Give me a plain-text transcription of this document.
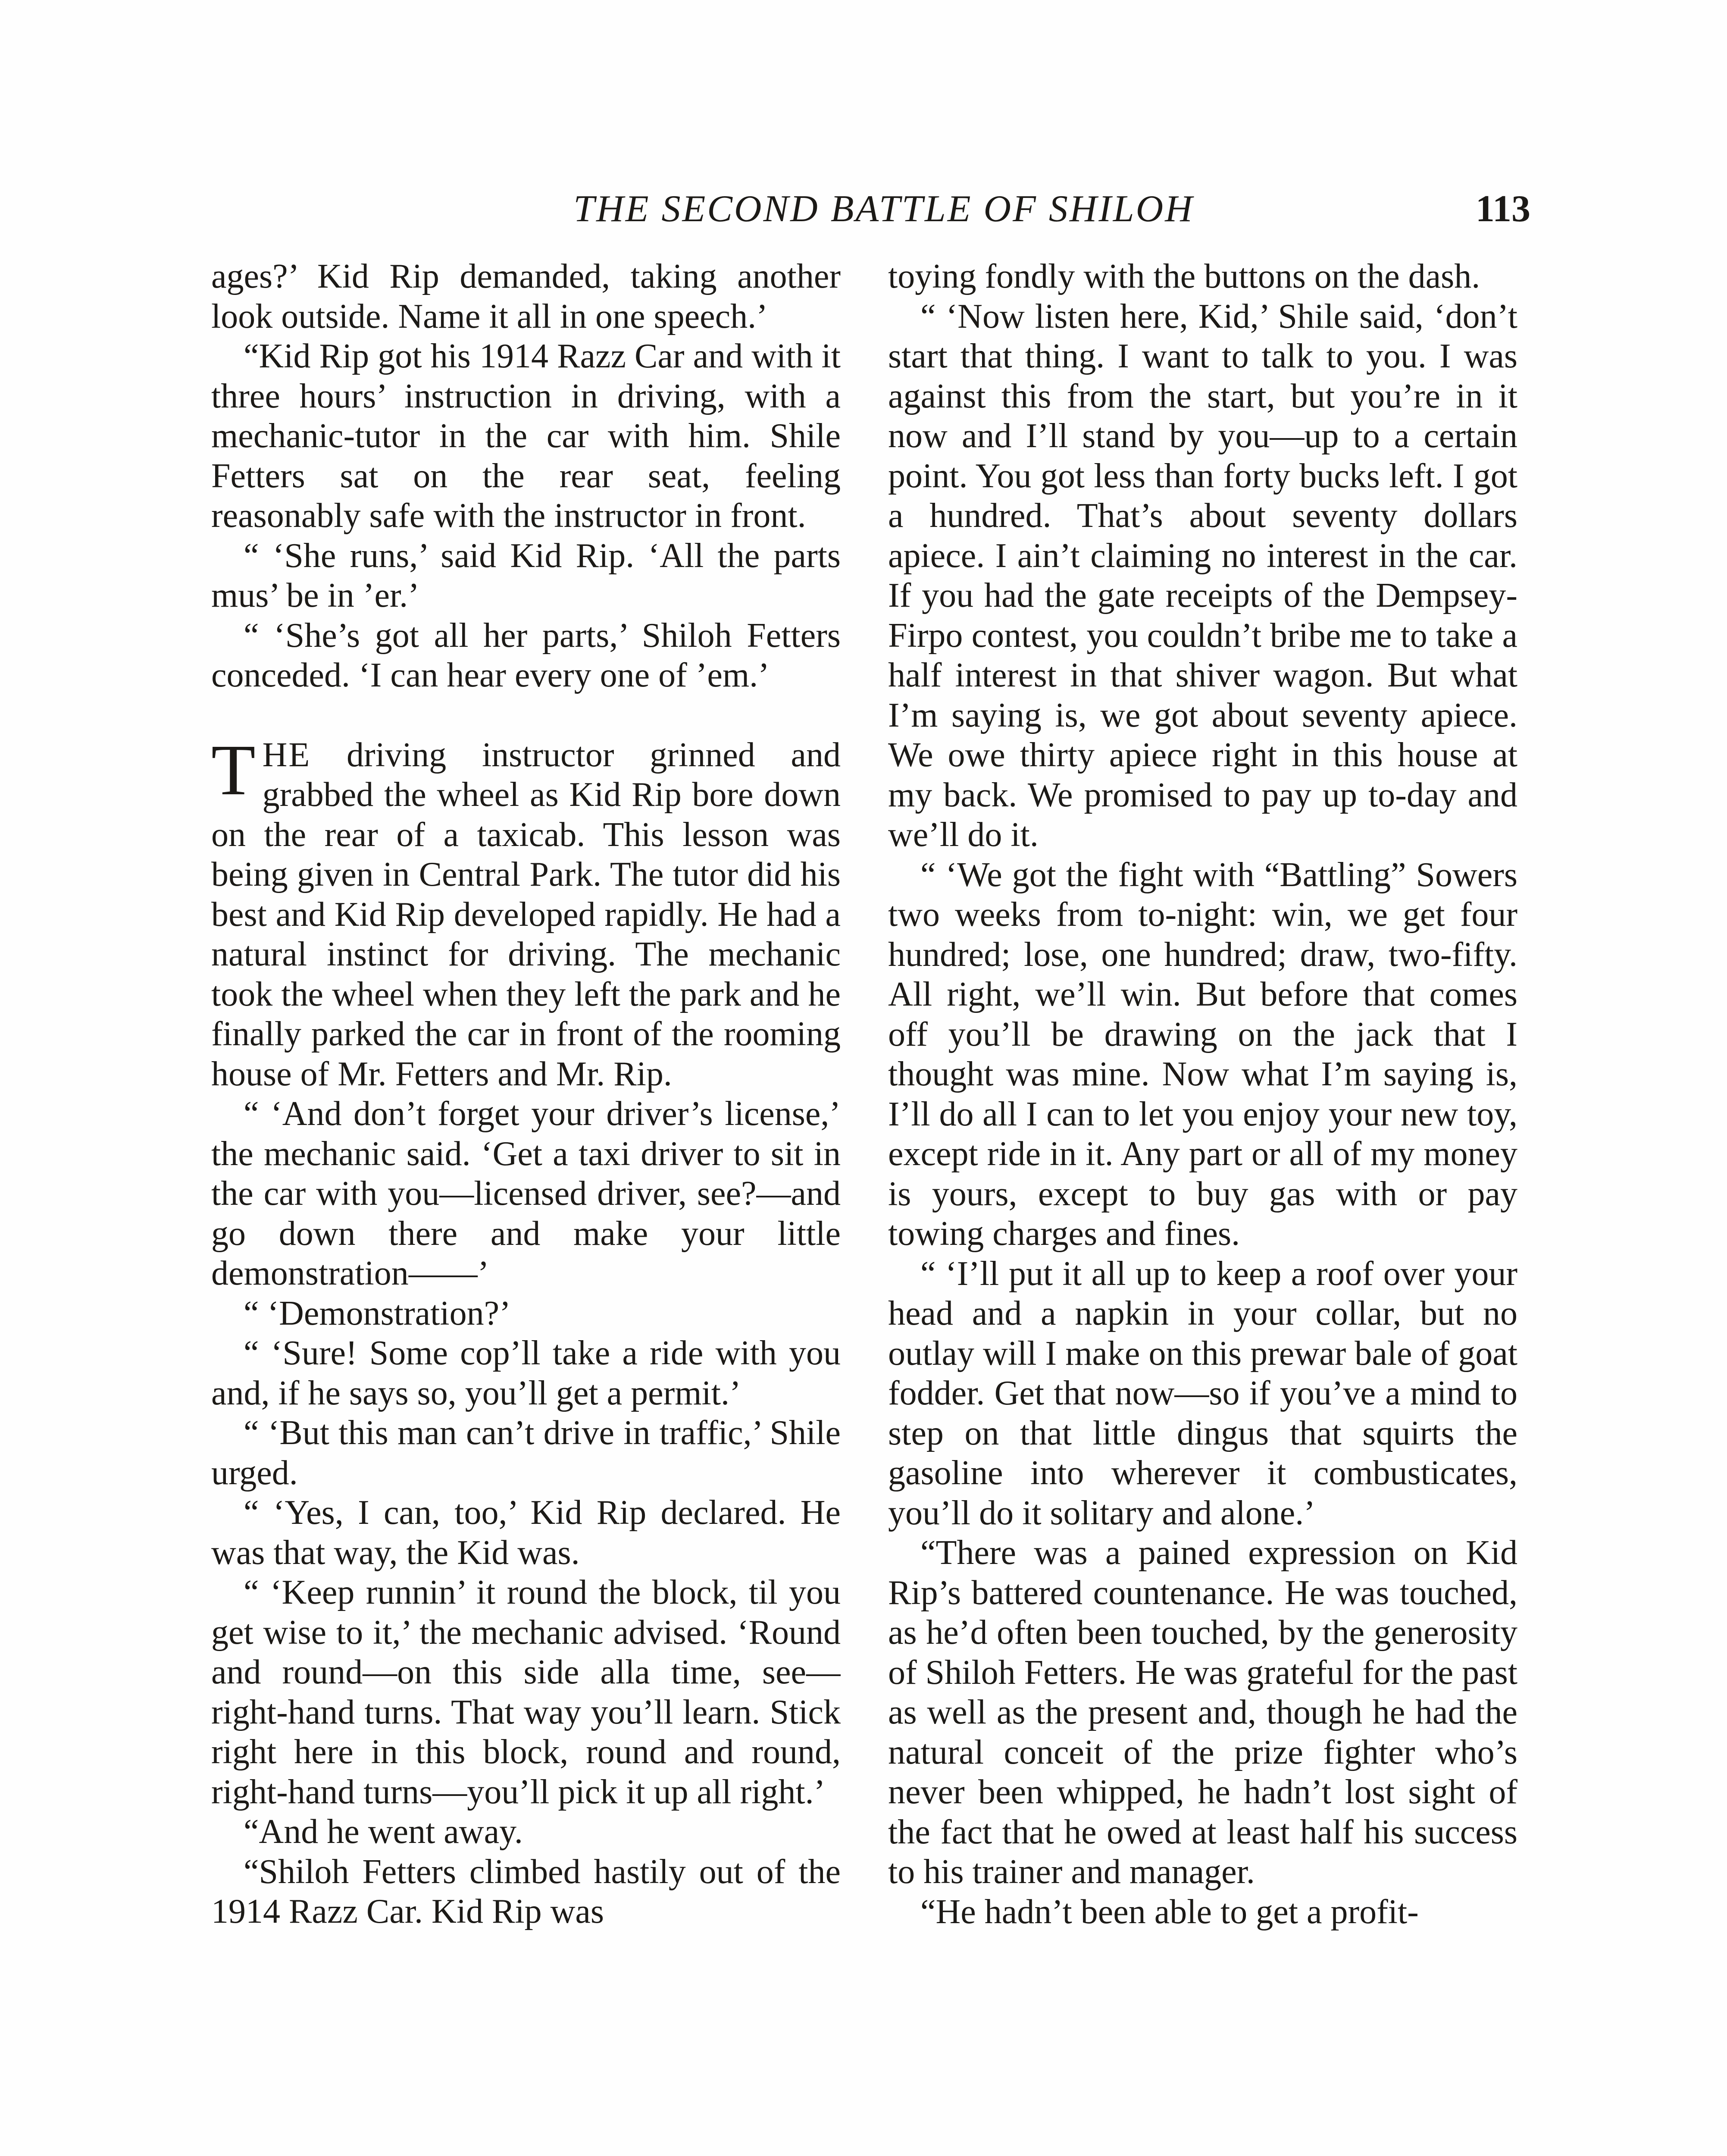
THE SECOND BATTLE OF SHILOH	113

ages?’ Kid Rip demanded, taking another look outside. Name it all in one speech.’

“Kid Rip got his 1914 Razz Car and with it three hours’ instruction in driving, with a mechanic-tutor in the car with him. Shile Fetters sat on the rear seat, feeling reasonably safe with the instructor in front.

“ ‘She runs,’ said Kid Rip. ‘All the parts mus’ be in ’er.’

“ ‘She’s got all her parts,’ Shiloh Fetters conceded. ‘I can hear every one of ’em.’

THE driving instructor grinned and grabbed the wheel as Kid Rip bore down on the rear of a taxicab. This lesson was being given in Central Park. The tutor did his best and Kid Rip developed rapidly. He had a natural instinct for driving. The mechanic took the wheel when they left the park and he finally parked the car in front of the rooming house of Mr. Fetters and Mr. Rip.

“ ‘And don’t forget your driver’s license,’ the mechanic said. ‘Get a taxi driver to sit in the car with you—licensed driver, see?—and go down there and make your little demonstration——’

“ ‘Demonstration?’

“ ‘Sure! Some cop’ll take a ride with you and, if he says so, you’ll get a permit.’

“ ‘But this man can’t drive in traffic,’ Shile urged.

“ ‘Yes, I can, too,’ Kid Rip declared. He was that way, the Kid was.

“ ‘Keep runnin’ it round the block, til you get wise to it,’ the mechanic advised. ‘Round and round—on this side alla time, see—right-hand turns. That way you’ll learn. Stick right here in this block, round and round, right-hand turns—you’ll pick it up all right.’

“And he went away.

“Shiloh Fetters climbed hastily out of the 1914 Razz Car. Kid Rip was

toying fondly with the buttons on the dash.

“ ‘Now listen here, Kid,’ Shile said, ‘don’t start that thing. I want to talk to you. I was against this from the start, but you’re in it now and I’ll stand by you—up to a certain point. You got less than forty bucks left. I got a hundred. That’s about seventy dollars apiece. I ain’t claiming no interest in the car. If you had the gate receipts of the Dempsey-Firpo contest, you couldn’t bribe me to take a half interest in that shiver wagon. But what I’m saying is, we got about seventy apiece. We owe thirty apiece right in this house at my back. We promised to pay up to-day and we’ll do it.

“ ‘We got the fight with “Battling” Sowers two weeks from to-night: win, we get four hundred; lose, one hundred; draw, two-fifty. All right, we’ll win. But before that comes off you’ll be drawing on the jack that I thought was mine. Now what I’m saying is, I’ll do all I can to let you enjoy your new toy, except ride in it. Any part or all of my money is yours, except to buy gas with or pay towing charges and fines.

“ ‘I’ll put it all up to keep a roof over your head and a napkin in your collar, but no outlay will I make on this prewar bale of goat fodder. Get that now—so if you’ve a mind to step on that little dingus that squirts the gasoline into wherever it combusticates, you’ll do it solitary and alone.’

“There was a pained expression on Kid Rip’s battered countenance. He was touched, as he’d often been touched, by the generosity of Shiloh Fetters. He was grateful for the past as well as the present and, though he had the natural conceit of the prize fighter who’s never been whipped, he hadn’t lost sight of the fact that he owed at least half his success to his trainer and manager.

“He hadn’t been able to get a profit-
